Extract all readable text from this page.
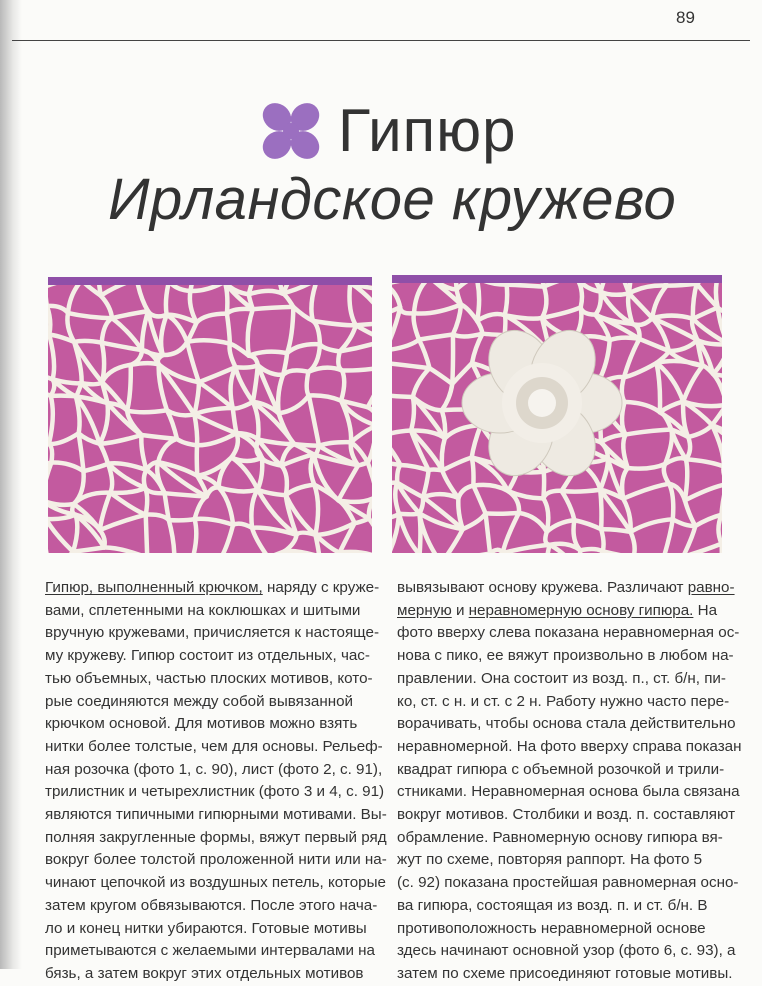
89
Гипюр
Ирландское кружево
Гипюр, выполненный крючком, наряду с круже-
вами, сплетенными на коклюшках и шитыми
вручную кружевами, причисляется к настояще-
му кружеву. Гипюр состоит из отдельных, час-
тью объемных, частью плоских мотивов, кото-
рые соединяются между собой вывязанной
крючком основой. Для мотивов можно взять
нитки более толстые, чем для основы. Рельеф-
ная розочка (фото 1, с. 90), лист (фото 2, с. 91),
трилистник и четырехлистник (фото 3 и 4, с. 91)
являются типичными гипюрными мотивами. Вы-
полняя закругленные формы, вяжут первый ряд
вокруг более толстой проложенной нити или на-
чинают цепочкой из воздушных петель, которые
затем кругом обвязываются. После этого нача-
ло и конец нитки убираются. Готовые мотивы
приметываются с желаемыми интервалами на
бязь, а затем вокруг этих отдельных мотивов
вывязывают основу кружева. Различают равно-
мерную и неравномерную основу гипюра. На
фото вверху слева показана неравномерная ос-
нова с пико, ее вяжут произвольно в любом на-
правлении. Она состоит из возд. п., ст. б/н, пи-
ко, ст. с н. и ст. с 2 н. Работу нужно часто пере-
ворачивать, чтобы основа стала действительно
неравномерной. На фото вверху справа показан
квадрат гипюра с объемной розочкой и трили-
стниками. Неравномерная основа была связана
вокруг мотивов. Столбики и возд. п. составляют
обрамление. Равномерную основу гипюра вя-
жут по схеме, повторяя раппорт. На фото 5
(с. 92) показана простейшая равномерная осно-
ва гипюра, состоящая из возд. п. и ст. б/н. В
противоположность неравномерной основе
здесь начинают основной узор (фото 6, с. 93), а
затем по схеме присоединяют готовые мотивы.
